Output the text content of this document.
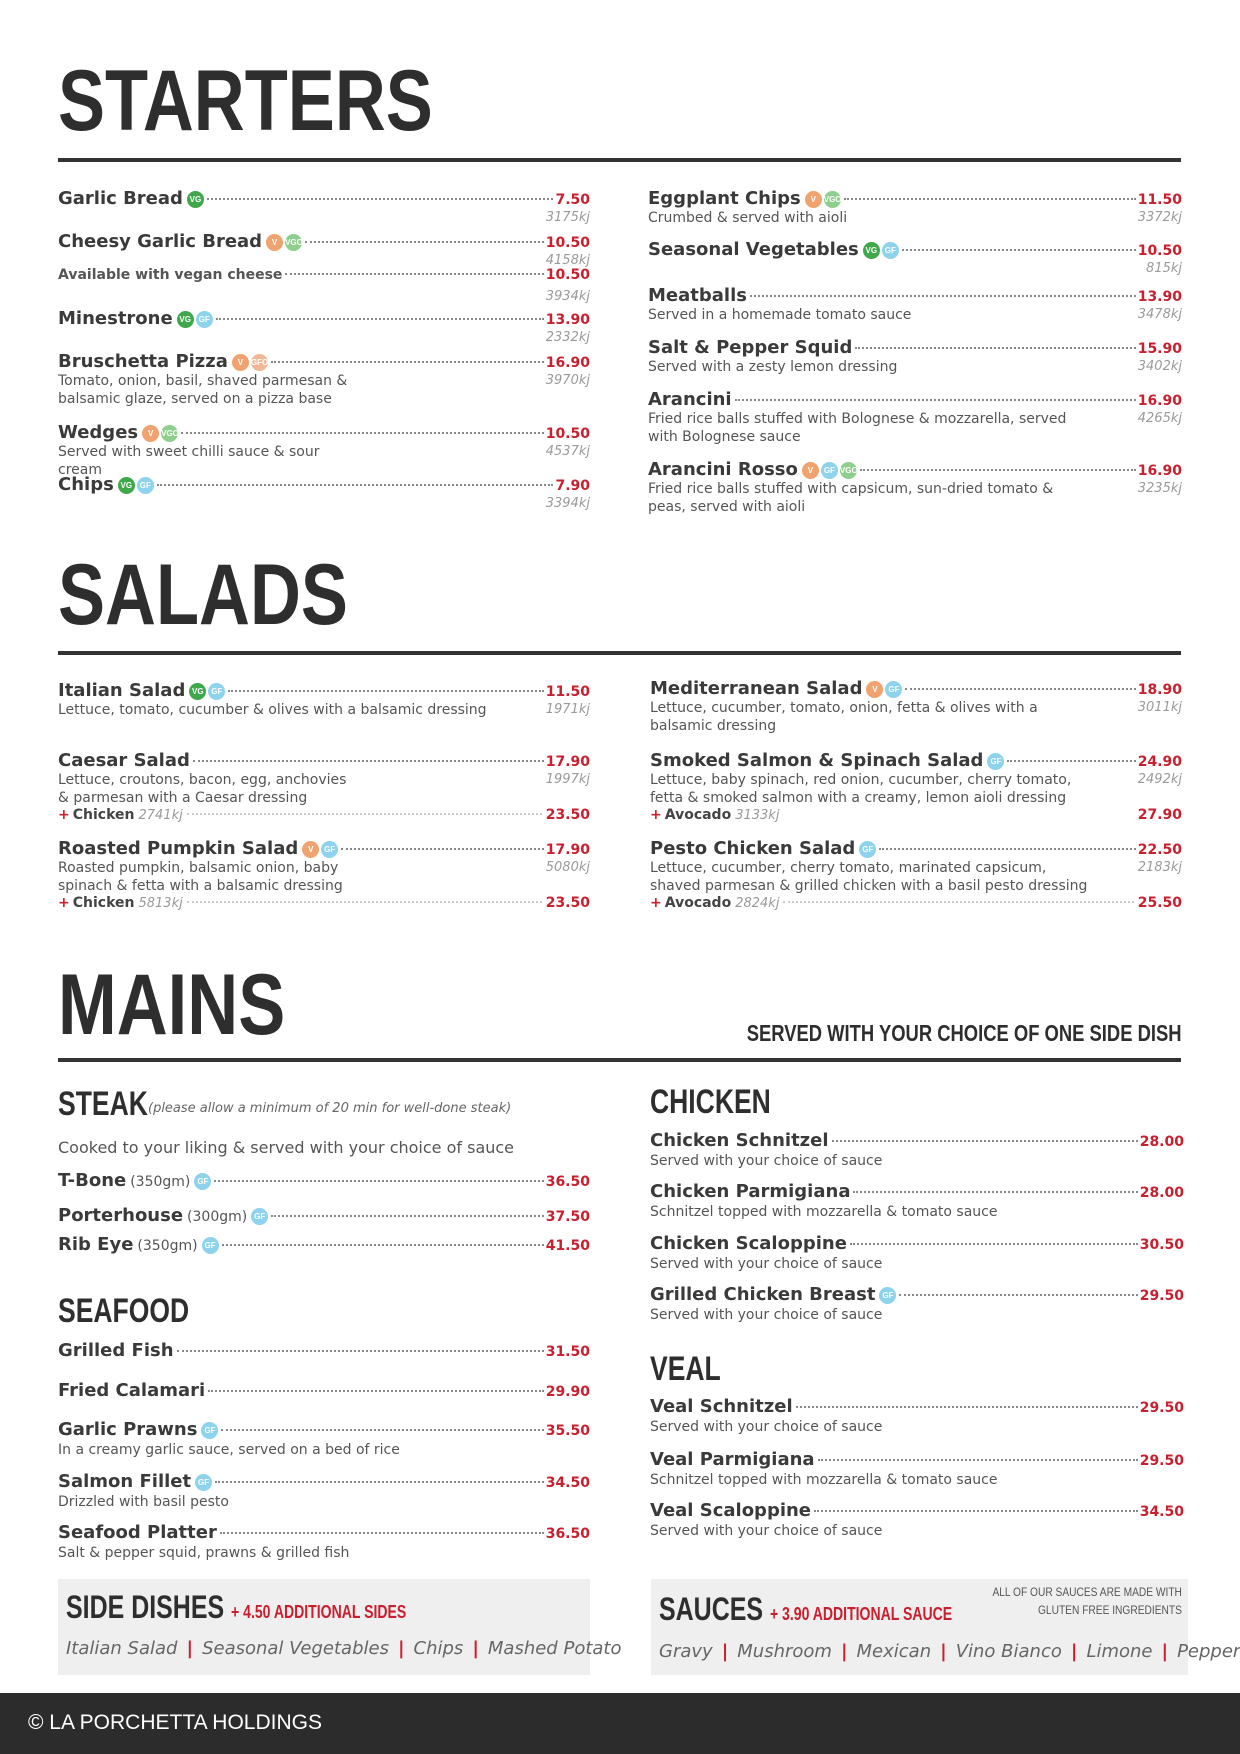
STARTERS
Garlic Bread VG	7.50
3175kj
Cheesy Garlic Bread	V VGO	10.50
4158kj
Available with vegan cheese	10.50
3934kj
Minestrone VG GF	13.90
2332kj
Bruschetta Pizza	V GFO	16.90
3970kj
Tomato, onion, basil, shaved parmesan & balsamic glaze, served on a pizza base
Wedges	V VGO	10.50
4537kj
Served with sweet chilli sauce & sour cream
Chips VG GF	7.90
3394kj
Eggplant Chips	V VGO	11.50
3372kj
Crumbed & served with aioli
Seasonal Vegetables VG GF	10.50
815kj
Meatballs	13.90
3478kj
Served in a homemade tomato sauce
Salt & Pepper Squid	15.90
3402kj
Served with a zesty lemon dressing
Arancini	16.90
4265kj
Fried rice balls stuffed with Bolognese & mozzarella, served with Bolognese sauce
Arancini Rosso	V	GF VGO	16.90
3235kj
Fried rice balls stuffed with capsicum, sun-dried tomato & peas, served with aioli
SALADS
Italian Salad VG GF	11.50
1971kj
Lettuce, tomato, cucumber & olives with a balsamic dressing
Caesar Salad	17.90
1997kj
Lettuce, croutons, bacon, egg, anchovies & parmesan with a Caesar dressing
+ Chicken 2741kj	23.50
Roasted Pumpkin Salad	V	GF	17.90
5080kj
Roasted pumpkin, balsamic onion, baby spinach & fetta with a balsamic dressing
+ Chicken 5813kj	23.50
Mediterranean Salad	V	GF	18.90
3011kj
Lettuce, cucumber, tomato, onion, fetta & olives with a balsamic dressing
Smoked Salmon & Spinach Salad GF	24.90
2492kj
Lettuce, baby spinach, red onion, cucumber, cherry tomato, fetta & smoked salmon with a creamy, lemon aioli dressing
+ Avocado 3133kj	27.90
Pesto Chicken Salad GF	22.50
2183kj
Lettuce, cucumber, cherry tomato, marinated capsicum, shaved parmesan & grilled chicken with a basil pesto dressing
+ Avocado 2824kj	25.50
MAINS	SERVED WITH YOUR CHOICE OF ONE SIDE DISH
STEAK (please allow a minimum of 20 min for well-done steak)
Cooked to your liking & served with your choice of sauce
T-Bone (350gm) GF	36.50
Porterhouse (300gm) GF	37.50
Rib Eye (350gm) GF	41.50
SEAFOOD
Grilled Fish	31.50
Fried Calamari	29.90
Garlic Prawns GF	35.50
In a creamy garlic sauce, served on a bed of rice
Salmon Fillet GF	34.50
Drizzled with basil pesto
Seafood Platter	36.50
Salt & pepper squid, prawns & grilled fish
CHICKEN
Chicken Schnitzel	28.00
Served with your choice of sauce
Chicken Parmigiana	28.00
Schnitzel topped with mozzarella & tomato sauce
Chicken Scaloppine	30.50
Served with your choice of sauce
Grilled Chicken Breast GF	29.50
Served with your choice of sauce
VEAL
Veal Schnitzel	29.50
Served with your choice of sauce
Veal Parmigiana	29.50
Schnitzel topped with mozzarella & tomato sauce
Veal Scaloppine	34.50
Served with your choice of sauce
SIDE DISHES + 4.50 ADDITIONAL SIDES
Italian Salad | Seasonal Vegetables | Chips | Mashed Potato
SAUCES + 3.90 ADDITIONAL SAUCE
ALL OF OUR SAUCES ARE MADE WITH
GLUTEN FREE INGREDIENTS
Gravy | Mushroom | Mexican | Vino Bianco | Limone | Pepper
© LA PORCHETTA HOLDINGS
